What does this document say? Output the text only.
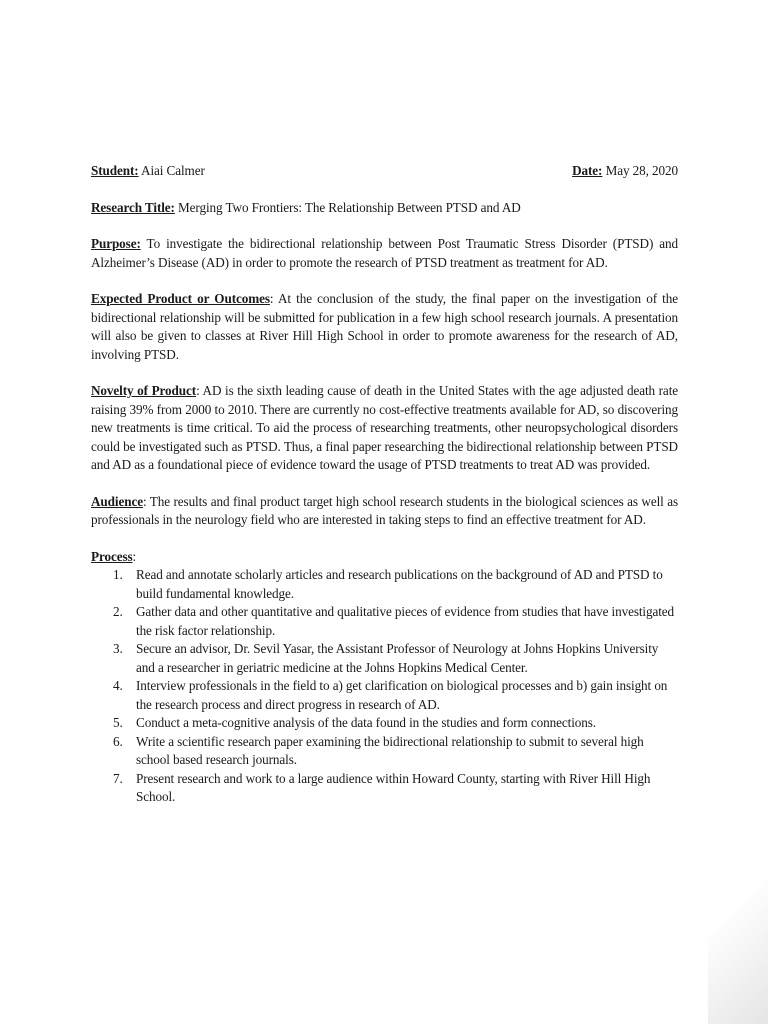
Student: Aiai Calmer	Date: May 28, 2020

Research Title: Merging Two Frontiers: The Relationship Between PTSD and AD

Purpose: To investigate the bidirectional relationship between Post Traumatic Stress Disorder (PTSD) and Alzheimer’s Disease (AD) in order to promote the research of PTSD treatment as treatment for AD.

Expected Product or Outcomes: At the conclusion of the study, the final paper on the investigation of the bidirectional relationship will be submitted for publication in a few high school research journals. A presentation will also be given to classes at River Hill High School in order to promote awareness for the research of AD, involving PTSD.

Novelty of Product: AD is the sixth leading cause of death in the United States with the age adjusted death rate raising 39% from 2000 to 2010. There are currently no cost-effective treatments available for AD, so discovering new treatments is time critical. To aid the process of researching treatments, other neuropsychological disorders could be investigated such as PTSD. Thus, a final paper researching the bidirectional relationship between PTSD and AD as a foundational piece of evidence toward the usage of PTSD treatments to treat AD was provided.

Audience: The results and final product target high school research students in the biological sciences as well as professionals in the neurology field who are interested in taking steps to find an effective treatment for AD.

Process:
1. Read and annotate scholarly articles and research publications on the background of AD and PTSD to build fundamental knowledge.
2. Gather data and other quantitative and qualitative pieces of evidence from studies that have investigated the risk factor relationship.
3. Secure an advisor, Dr. Sevil Yasar, the Assistant Professor of Neurology at Johns Hopkins University and a researcher in geriatric medicine at the Johns Hopkins Medical Center.
4. Interview professionals in the field to a) get clarification on biological processes and b) gain insight on the research process and direct progress in research of AD.
5. Conduct a meta-cognitive analysis of the data found in the studies and form connections.
6. Write a scientific research paper examining the bidirectional relationship to submit to several high school based research journals.
7. Present research and work to a large audience within Howard County, starting with River Hill High School.
